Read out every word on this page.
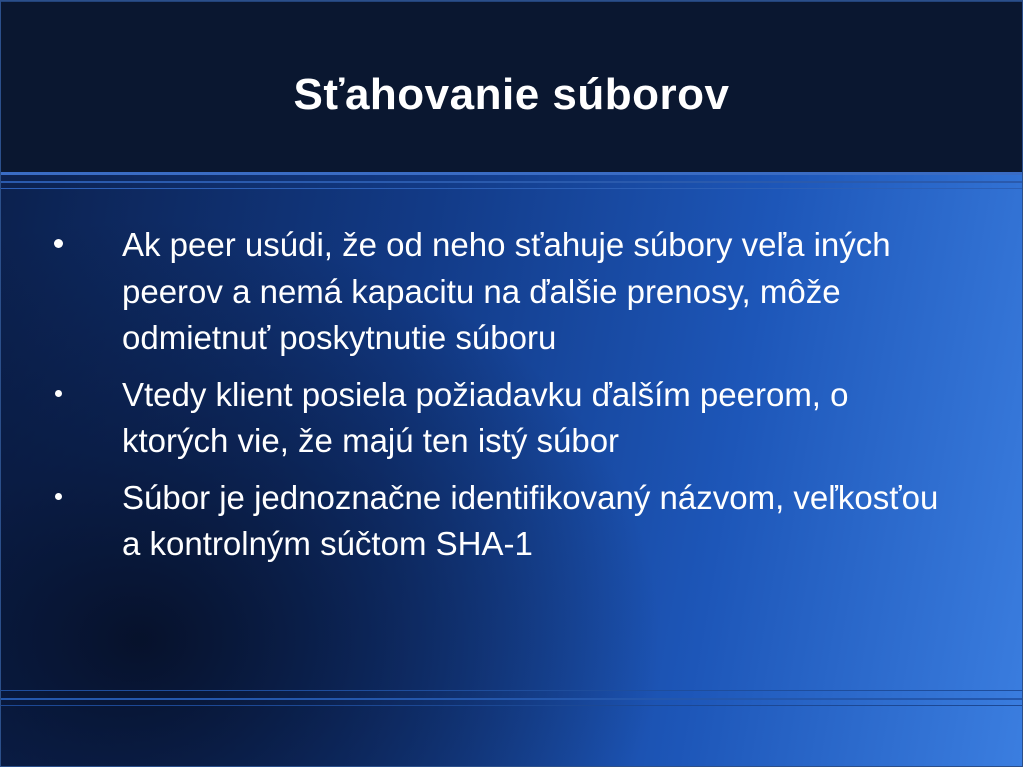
Sťahovanie súborov
Ak peer usúdi, že od neho sťahuje súbory veľa iných peerov a nemá kapacitu na ďalšie prenosy, môže odmietnuť poskytnutie súboru
Vtedy klient posiela požiadavku ďalším peerom, o ktorých vie, že majú ten istý súbor
Súbor je jednoznačne identifikovaný názvom, veľkosťou a kontrolným súčtom SHA-1
